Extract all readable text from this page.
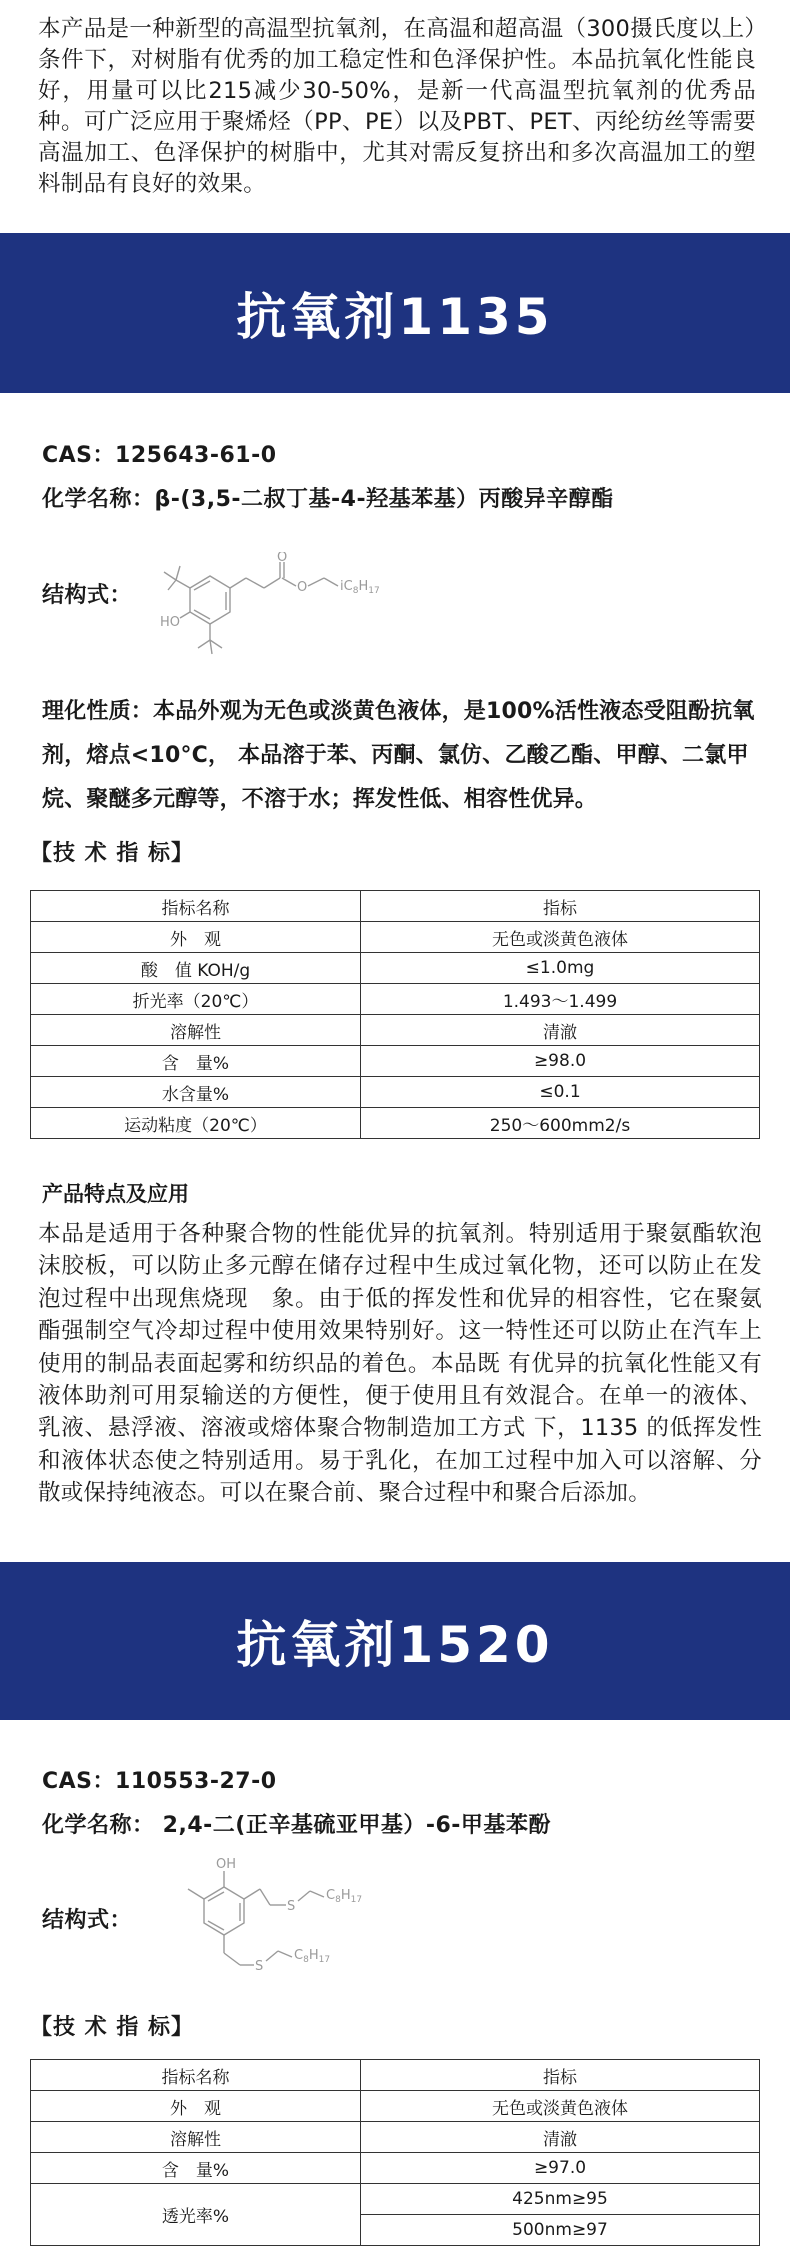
本产品是一种新型的高温型抗氧剂，在高温和超高温（300摄氏度以上）条件下，对树脂有优秀的加工稳定性和色泽保护性。本品抗氧化性能良好，用量可以比215减少30-50%，是新一代高温型抗氧剂的优秀品种。可广泛应用于聚烯烃（PP、PE）以及PBT、PET、丙纶纺丝等需要高温加工、色泽保护的树脂中，尤其对需反复挤出和多次高温加工的塑料制品有良好的效果。
抗氧剂1135
CAS：125643-61-0
化学名称：β-(3,5-二叔丁基-4-羟基苯基）丙酸异辛醇酯
结构式：
HO
O
O	$iC_8H_{17}$
理化性质：本品外观为无色或淡黄色液体，是100%活性液态受阻酚抗氧剂，熔点<10°C， 本品溶于苯、丙酮、氯仿、乙酸乙酯、甲醇、二氯甲烷、聚醚多元醇等，不溶于水；挥发性低、相容性优异。
【技 术 指 标】
指标名称	指标
外　观	无色或淡黄色液体
酸　值 KOH/g	≤1.0mg
折光率（20℃）	1.493～1.499
溶解性	清澈
含　量%	≥98.0
水含量%	≤0.1
运动粘度（20℃）	250～600mm2/s
产品特点及应用
本品是适用于各种聚合物的性能优异的抗氧剂。特别适用于聚氨酯软泡沫胶板，可以防止多元醇在储存过程中生成过氧化物，还可以防止在发泡过程中出现焦烧现　象。由于低的挥发性和优异的相容性，它在聚氨酯强制空气冷却过程中使用效果特别好。这一特性还可以防止在汽车上使用的制品表面起雾和纺织品的着色。本品既 有优异的抗氧化性能又有液体助剂可用泵输送的方便性，便于使用且有效混合。在单一的液体、乳液、悬浮液、溶液或熔体聚合物制造加工方式 下，1135 的低挥发性和液体状态使之特别适用。易于乳化，在加工过程中加入可以溶解、分散或保持纯液态。可以在聚合前、聚合过程中和聚合后添加。
抗氧剂1520
CAS：110553-27-0
化学名称： 2,4-二(正辛基硫亚甲基）-6-甲基苯酚
结构式：
OH
S
S
$C_8H_{17}$
$C_8H_{17}$
【技 术 指 标】
指标名称	指标
外　观	无色或淡黄色液体
溶解性	清澈
含　量%	≥97.0
透光率%	425nm≥95
	500nm≥97
